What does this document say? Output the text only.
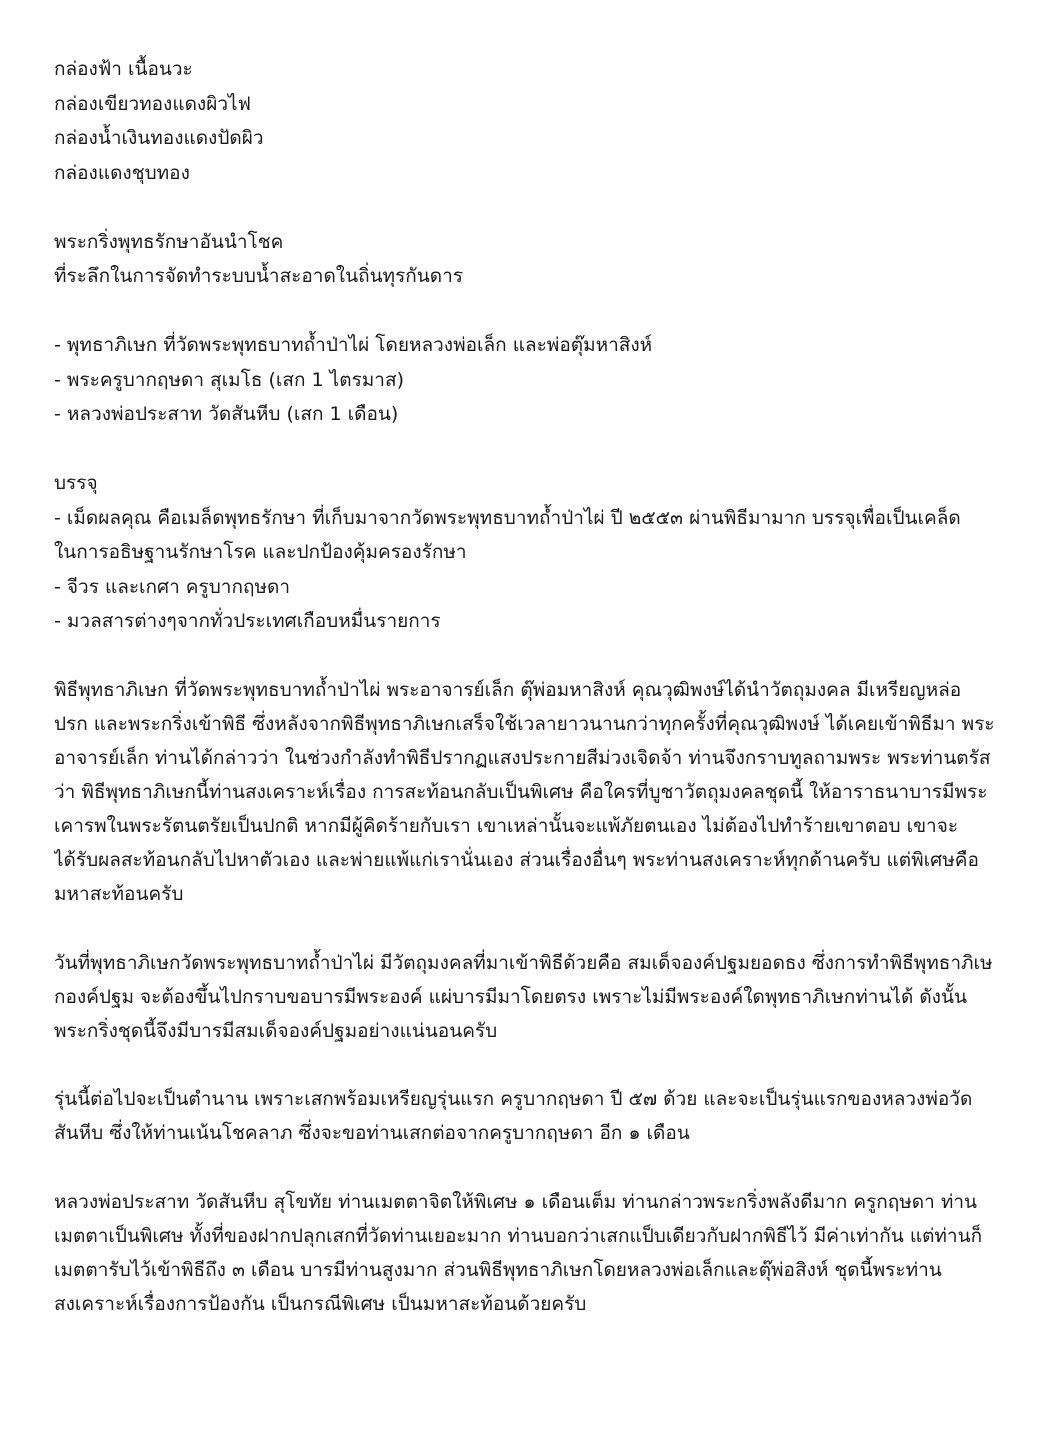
กล่องฟ้า เนื้อนวะ
กล่องเขียวทองแดงผิวไฟ
กล่องน้ำเงินทองแดงปัดผิว
กล่องแดงชุบทอง
พระกริ่งพุทธรักษาอันนำโชค
ที่ระลึกในการจัดทำระบบน้ำสะอาดในถิ่นทุรกันดาร
- พุทธาภิเษก ที่วัดพระพุทธบาทถ้ำป่าไผ่ โดยหลวงพ่อเล็ก และพ่อตุ๊มหาสิงห์
- พระครูบากฤษดา สุเมโธ (เสก 1 ไตรมาส)
- หลวงพ่อประสาท วัดสันหีบ (เสก 1 เดือน)
บรรจุ
- เม็ดผลคุณ คือเมล็ดพุทธรักษา ที่เก็บมาจากวัดพระพุทธบาทถ้ำป่าไผ่ ปี ๒๕๕๓ ผ่านพิธีมามาก บรรจุเพื่อเป็นเคล็ด
ในการอธิษฐานรักษาโรค และปกป้องคุ้มครองรักษา
- จีวร และเกศา ครูบากฤษดา
- มวลสารต่างๆจากทั่วประเทศเกือบหมื่นรายการ
พิธีพุทธาภิเษก ที่วัดพระพุทธบาทถ้ำป่าไผ่ พระอาจารย์เล็ก ตุ๊พ่อมหาสิงห์ คุณวุฒิพงษ์ได้นำวัตถุมงคล มีเหรียญหล่อ
ปรก และพระกริ่งเข้าพิธี ซึ่งหลังจากพิธีพุทธาภิเษกเสร็จใช้เวลายาวนานกว่าทุกครั้งที่คุณวุฒิพงษ์ ได้เคยเข้าพิธีมา พระ
อาจารย์เล็ก ท่านได้กล่าวว่า ในช่วงกำลังทำพิธีปรากฏแสงประกายสีม่วงเจิดจ้า ท่านจึงกราบทูลถามพระ พระท่านตรัส
ว่า พิธีพุทธาภิเษกนี้ท่านสงเคราะห์เรื่อง การสะท้อนกลับเป็นพิเศษ คือใครที่บูชาวัตถุมงคลชุดนี้ ให้อาราธนาบารมีพระ
เคารพในพระรัตนตรัยเป็นปกติ หากมีผู้คิดร้ายกับเรา เขาเหล่านั้นจะแพ้ภัยตนเอง ไม่ต้องไปทำร้ายเขาตอบ เขาจะ
ได้รับผลสะท้อนกลับไปหาตัวเอง และพ่ายแพ้แก่เรานั่นเอง ส่วนเรื่องอื่นๆ พระท่านสงเคราะห์ทุกด้านครับ แต่พิเศษคือ
มหาสะท้อนครับ
วันที่พุทธาภิเษกวัดพระพุทธบาทถ้ำป่าไผ่ มีวัตถุมงคลที่มาเข้าพิธีด้วยคือ สมเด็จองค์ปฐมยอดธง ซึ่งการทำพิธีพุทธาภิเษ
กองค์ปฐม จะต้องขึ้นไปกราบขอบารมีพระองค์ แผ่บารมีมาโดยตรง เพราะไม่มีพระองค์ใดพุทธาภิเษกท่านได้ ดังนั้น
พระกริ่งชุดนี้จึงมีบารมีสมเด็จองค์ปฐมอย่างแน่นอนครับ
รุ่นนี้ต่อไปจะเป็นตำนาน เพราะเสกพร้อมเหรียญรุ่นแรก ครูบากฤษดา ปี ๕๗ ด้วย และจะเป็นรุ่นแรกของหลวงพ่อวัด
สันหีบ ซึ่งให้ท่านเน้นโชคลาภ ซึ่งจะขอท่านเสกต่อจากครูบากฤษดา อีก ๑ เดือน
หลวงพ่อประสาท วัดสันหีบ สุโขทัย ท่านเมตตาจิตให้พิเศษ ๑ เดือนเต็ม ท่านกล่าวพระกริ่งพลังดีมาก ครูกฤษดา ท่าน
เมตตาเป็นพิเศษ ทั้งที่ของฝากปลุกเสกที่วัดท่านเยอะมาก ท่านบอกว่าเสกแป็บเดียวกับฝากพิธีไว้ มีค่าเท่ากัน แต่ท่านก็
เมตตารับไว้เข้าพิธีถึง ๓ เดือน บารมีท่านสูงมาก ส่วนพิธีพุทธาภิเษกโดยหลวงพ่อเล็กและตุ๊พ่อสิงห์ ชุดนี้พระท่าน
สงเคราะห์เรื่องการป้องกัน เป็นกรณีพิเศษ เป็นมหาสะท้อนด้วยครับ
